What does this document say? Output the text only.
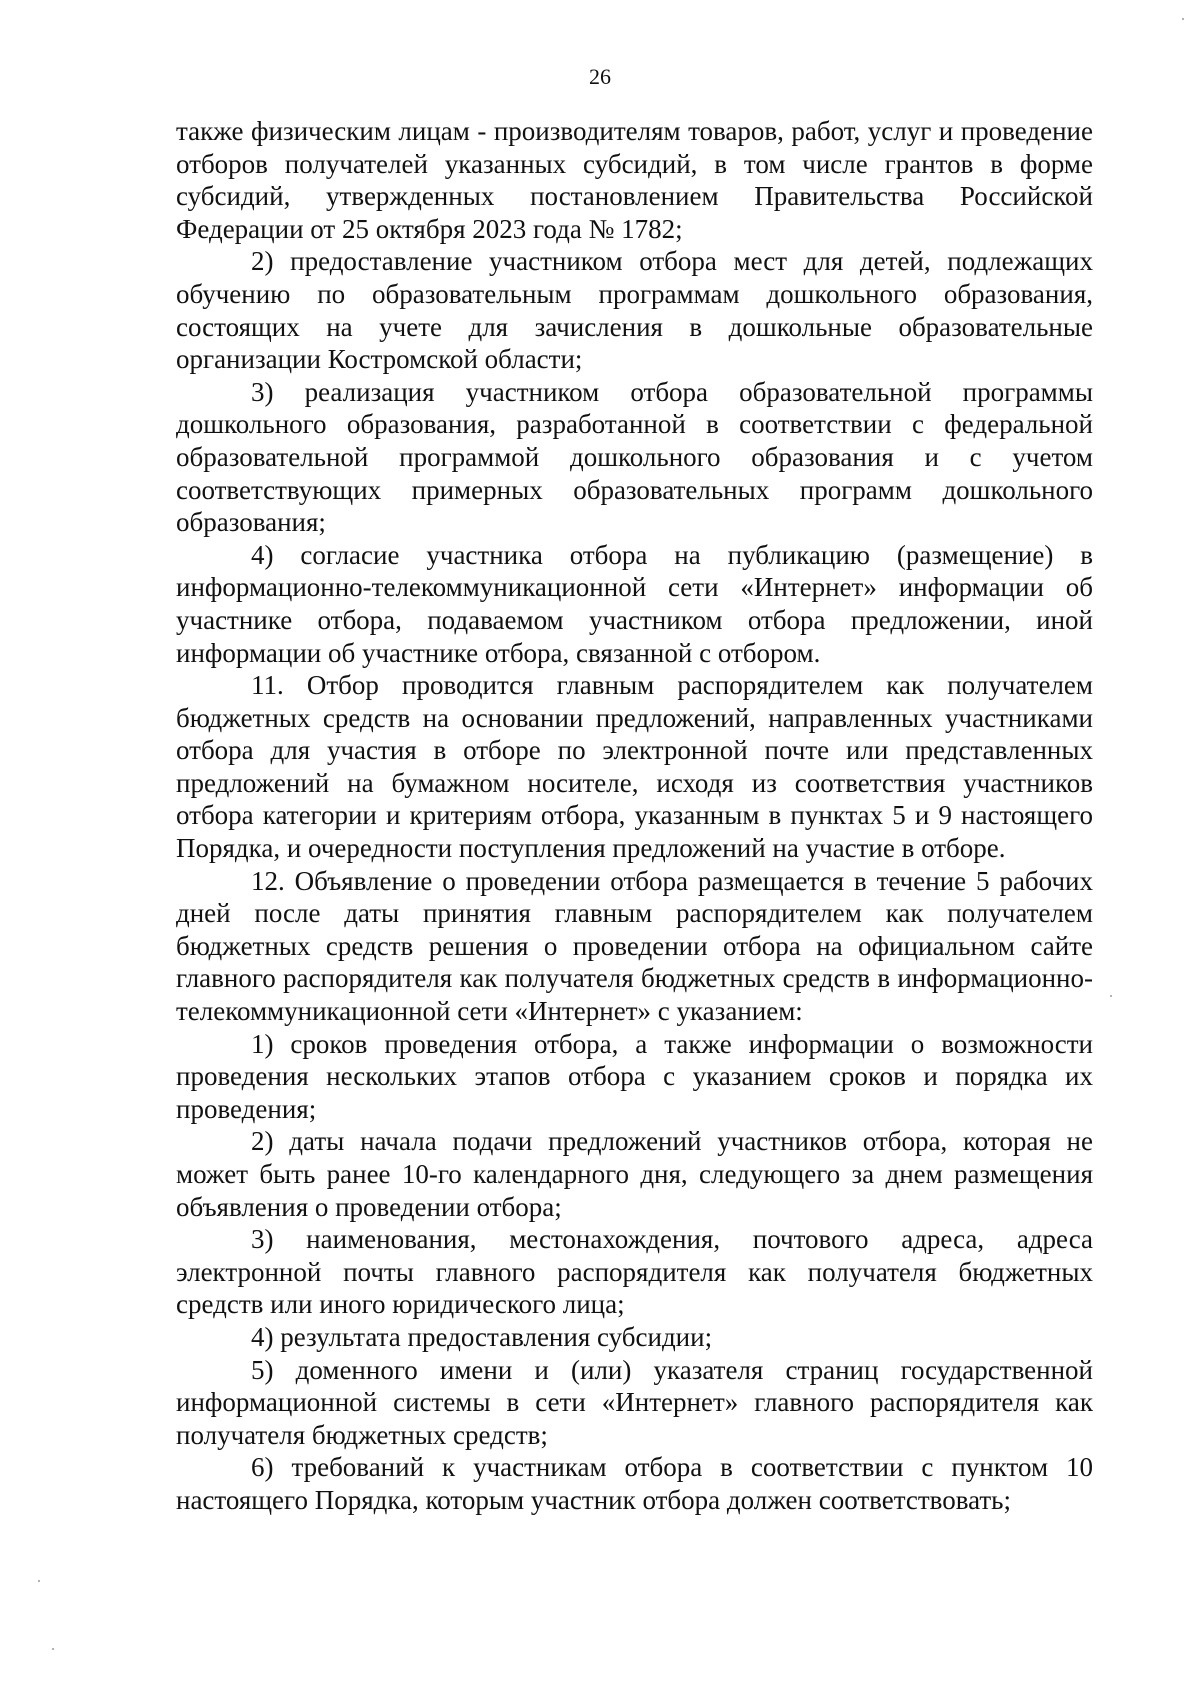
26

также физическим лицам - производителям товаров, работ, услуг и проведение отборов получателей указанных субсидий, в том числе грантов в форме субсидий, утвержденных постановлением Правительства Российской Федерации от 25 октября 2023 года № 1782;

2) предоставление участником отбора мест для детей, подлежащих обучению по образовательным программам дошкольного образования, состоящих на учете для зачисления в дошкольные образовательные организации Костромской области;

3) реализация участником отбора образовательной программы дошкольного образования, разработанной в соответствии с федеральной образовательной программой дошкольного образования и с учетом соответствующих примерных образовательных программ дошкольного образования;

4) согласие участника отбора на публикацию (размещение) в информационно-телекоммуникационной сети «Интернет» информации об участнике отбора, подаваемом участником отбора предложении, иной информации об участнике отбора, связанной с отбором.

11. Отбор проводится главным распорядителем как получателем бюджетных средств на основании предложений, направленных участниками отбора для участия в отборе по электронной почте или представленных предложений на бумажном носителе, исходя из соответствия участников отбора категории и критериям отбора, указанным в пунктах 5 и 9 настоящего Порядка, и очередности поступления предложений на участие в отборе.

12. Объявление о проведении отбора размещается в течение 5 рабочих дней после даты принятия главным распорядителем как получателем бюджетных средств решения о проведении отбора на официальном сайте главного распорядителя как получателя бюджетных средств в информационно-телекоммуникационной сети «Интернет» с указанием:

1) сроков проведения отбора, а также информации о возможности проведения нескольких этапов отбора с указанием сроков и порядка их проведения;

2) даты начала подачи предложений участников отбора, которая не может быть ранее 10-го календарного дня, следующего за днем размещения объявления о проведении отбора;

3) наименования, местонахождения, почтового адреса, адреса электронной почты главного распорядителя как получателя бюджетных средств или иного юридического лица;

4) результата предоставления субсидии;

5) доменного имени и (или) указателя страниц государственной информационной системы в сети «Интернет» главного распорядителя как получателя бюджетных средств;

6) требований к участникам отбора в соответствии с пунктом 10 настоящего Порядка, которым участник отбора должен соответствовать;
